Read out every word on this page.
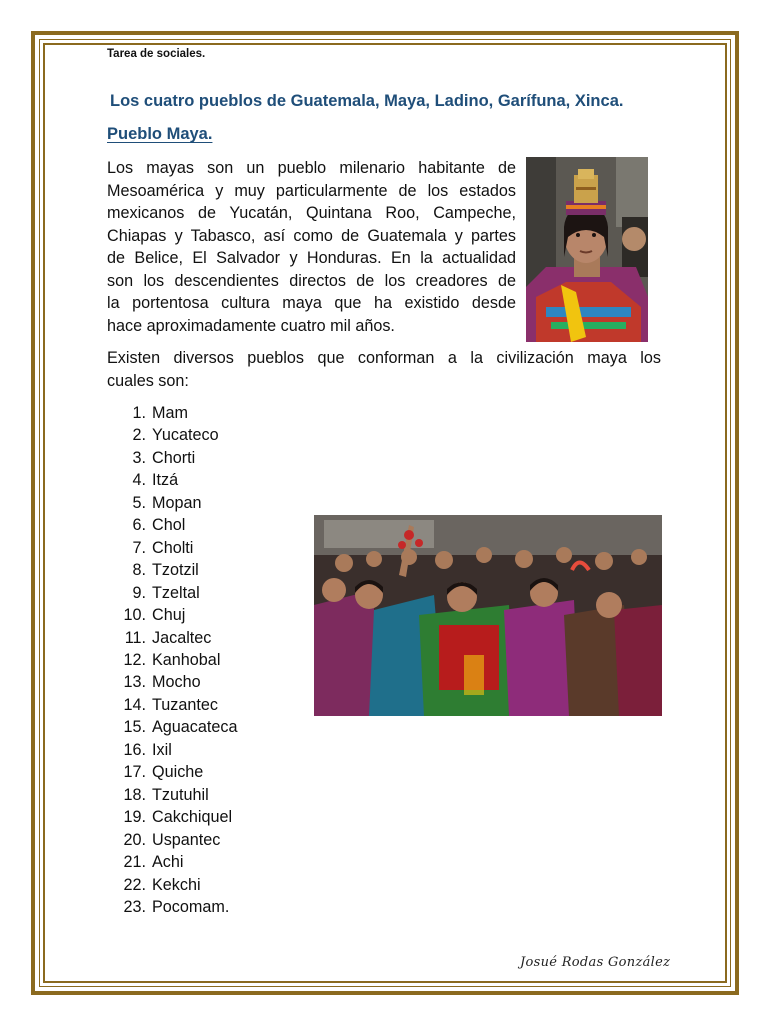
Tarea de sociales.
Los cuatro pueblos de Guatemala, Maya, Ladino, Garífuna, Xinca.
Pueblo Maya.
Los mayas son un pueblo milenario habitante de
Mesoamérica y muy particularmente de los estados
mexicanos de Yucatán, Quintana Roo, Campeche,
Chiapas y Tabasco, así como de Guatemala y partes
de Belice, El Salvador y Honduras. En la actualidad
son los descendientes directos de los creadores de
la portentosa cultura maya que ha existido desde
hace aproximadamente cuatro mil años.
Existen diversos pueblos que conforman a la civilización maya los
cuales son:
1. Mam
2. Yucateco
3. Chorti
4. Itzá
5. Mopan
6. Chol
7. Cholti
8. Tzotzil
9. Tzeltal
10. Chuj
11. Jacaltec
12. Kanhobal
13. Mocho
14. Tuzantec
15. Aguacateca
16. Ixil
17. Quiche
18. Tzutuhil
19. Cakchiquel
20. Uspantec
21. Achi
22. Kekchi
23. Pocomam.
Josué Rodas González
